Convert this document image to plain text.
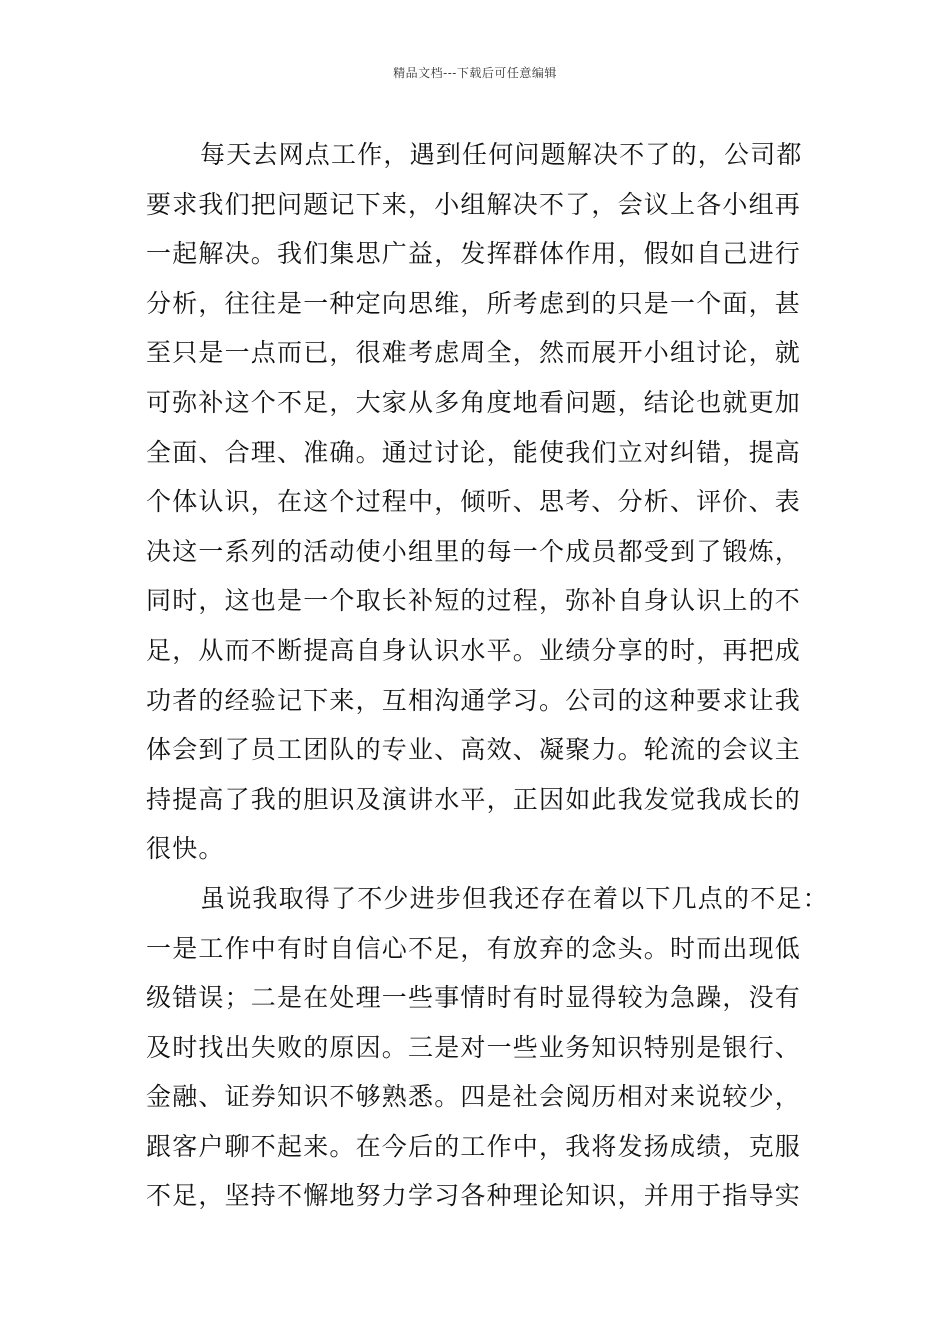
精品文档---下载后可任意编辑
每天去网点工作，遇到任何问题解决不了的，公司都
要求我们把问题记下来，小组解决不了，会议上各小组再
一起解决。我们集思广益，发挥群体作用，假如自己进行
分析，往往是一种定向思维，所考虑到的只是一个面，甚
至只是一点而已，很难考虑周全，然而展开小组讨论，就
可弥补这个不足，大家从多角度地看问题，结论也就更加
全面、合理、准确。通过讨论，能使我们立对纠错，提高
个体认识，在这个过程中，倾听、思考、分析、评价、表
决这一系列的活动使小组里的每一个成员都受到了锻炼，
同时，这也是一个取长补短的过程，弥补自身认识上的不
足，从而不断提高自身认识水平。业绩分享的时，再把成
功者的经验记下来，互相沟通学习。公司的这种要求让我
体会到了员工团队的专业、高效、凝聚力。轮流的会议主
持提高了我的胆识及演讲水平，正因如此我发觉我成长的
很快。
虽说我取得了不少进步但我还存在着以下几点的不足：
一是工作中有时自信心不足，有放弃的念头。时而出现低
级错误；二是在处理一些事情时有时显得较为急躁，没有
及时找出失败的原因。三是对一些业务知识特别是银行、
金融、证券知识不够熟悉。四是社会阅历相对来说较少，
跟客户聊不起来。在今后的工作中，我将发扬成绩，克服
不足，坚持不懈地努力学习各种理论知识，并用于指导实
